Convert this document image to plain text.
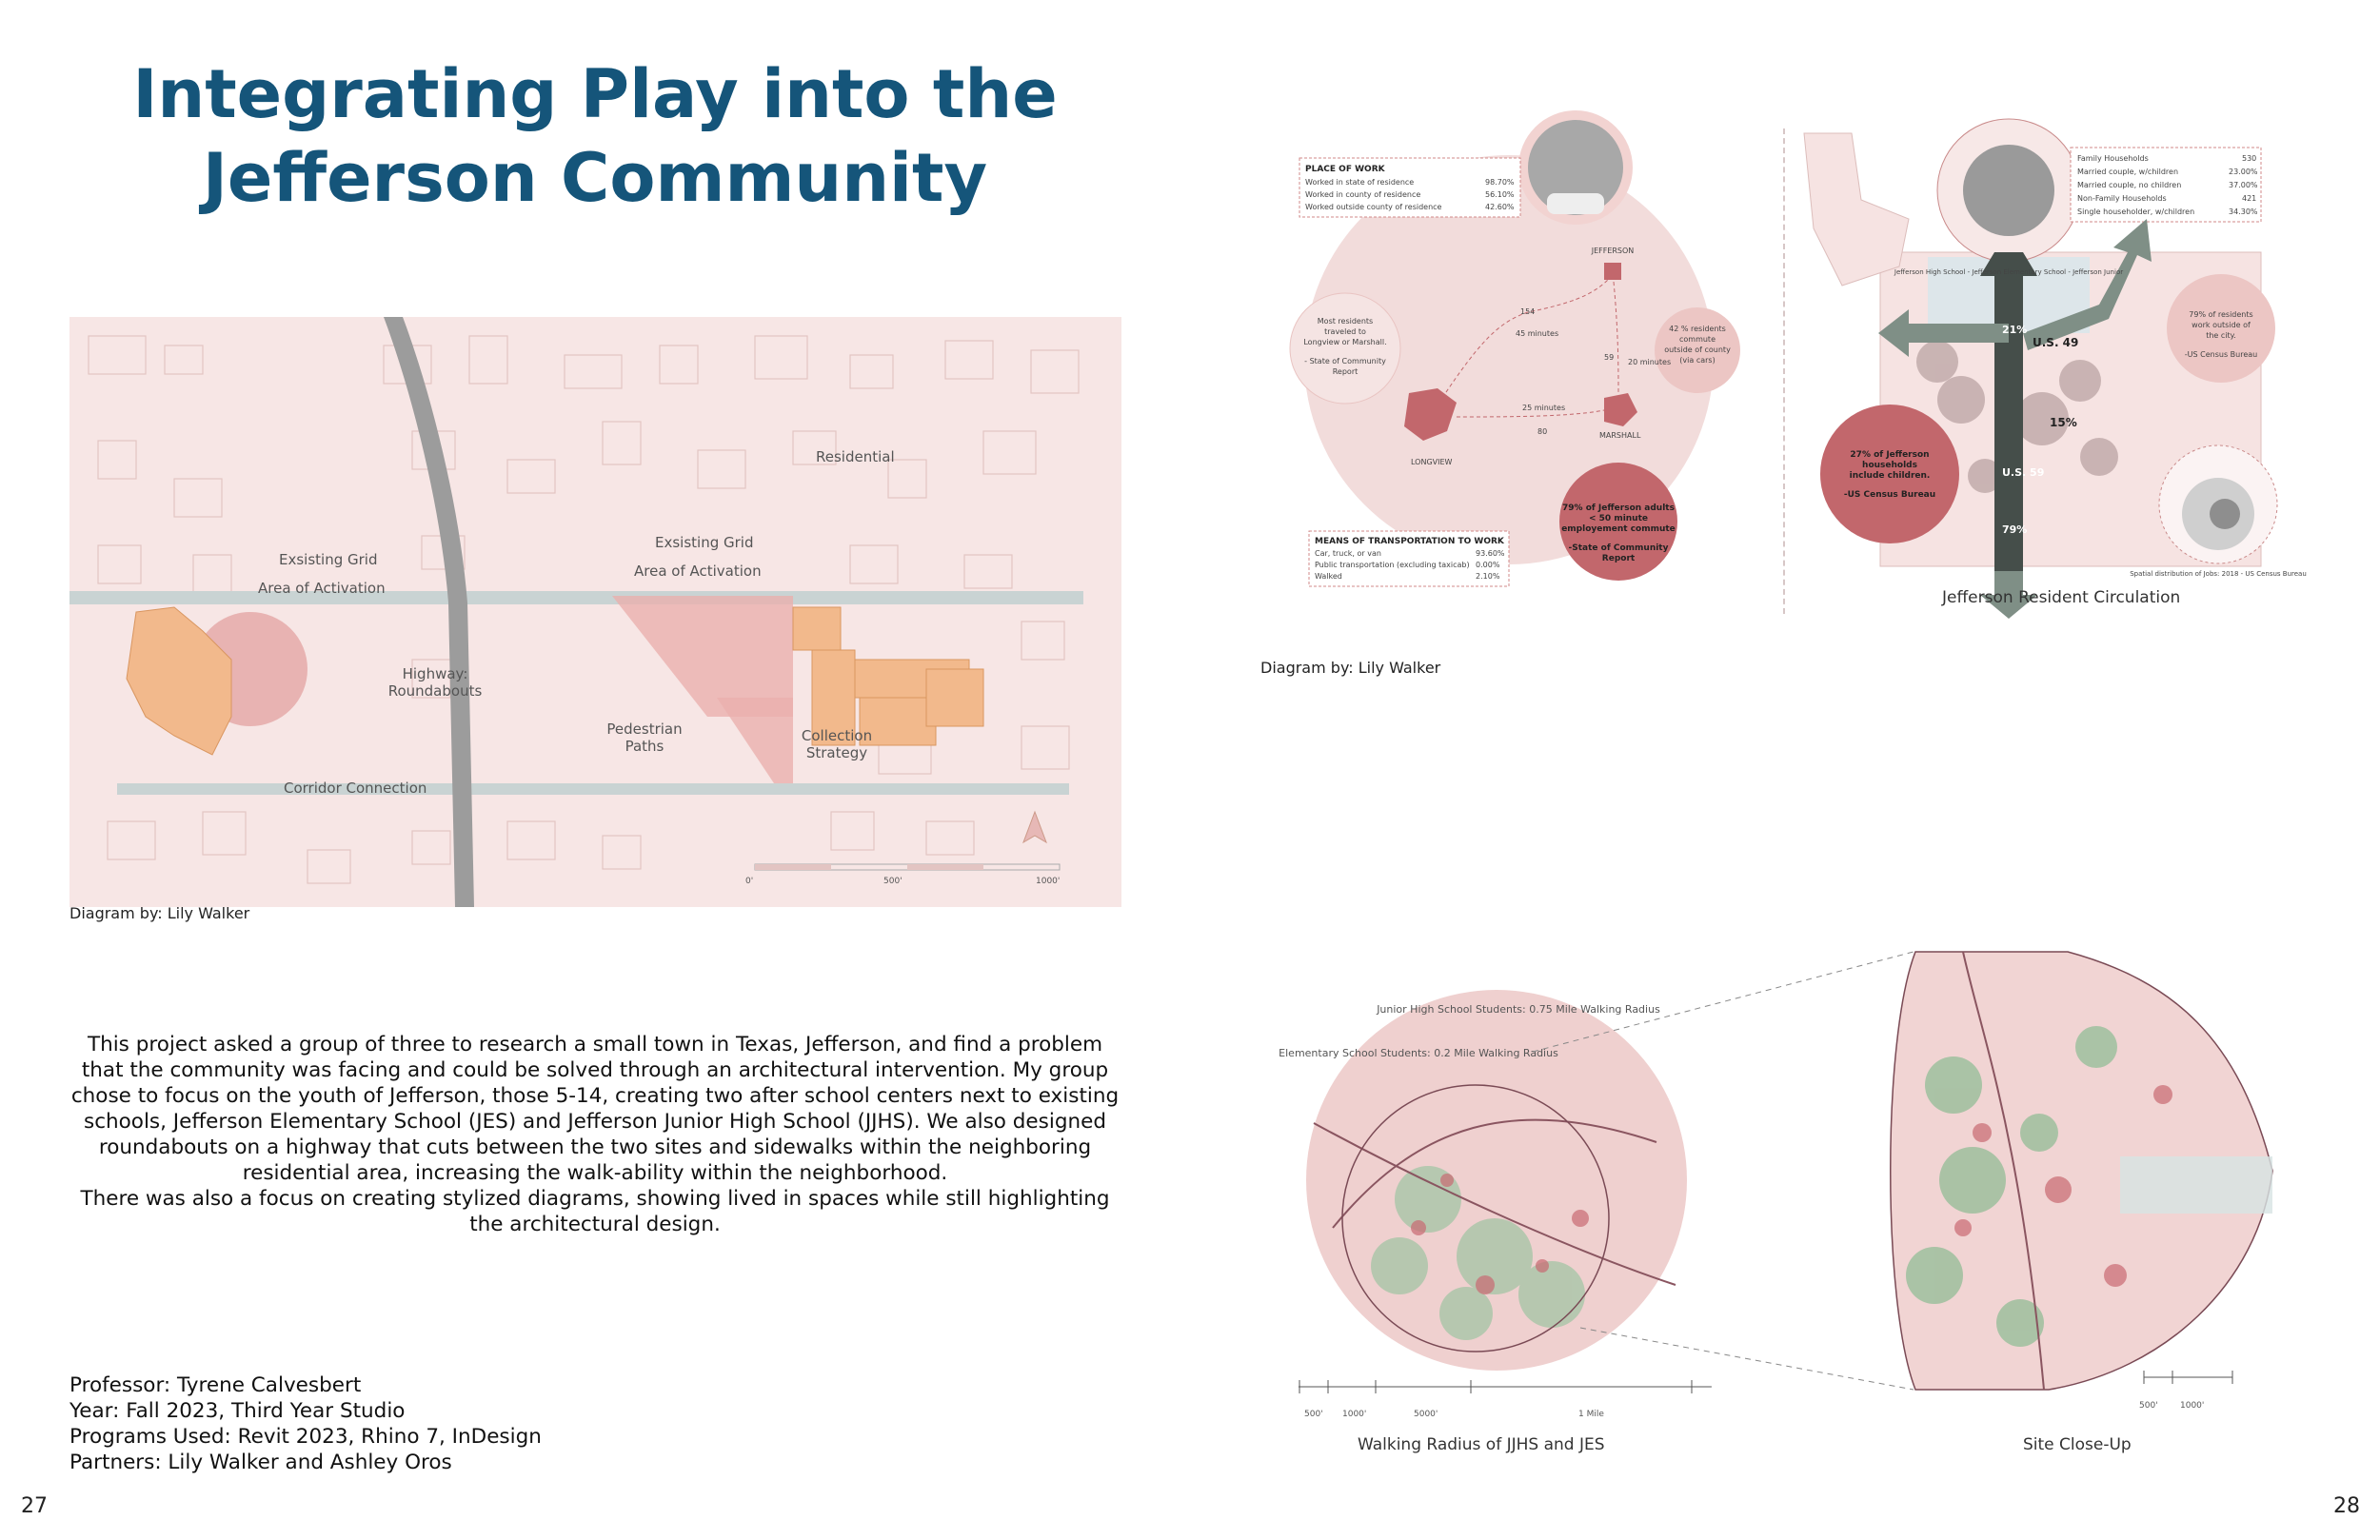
Integrating Play into the
Jefferson Community
Residential
Exsisting Grid
Area of Activation
Exsisting Grid
Area of Activation
Highway:
Roundabouts
Pedestrian
Paths
Collection
Strategy
Corridor Connection
0'	500'	1000'
Diagram by: Lily Walker
PLACE OF WORK
Worked in state of residence	98.70%
Worked in county of residence	56.10%
Worked outside county of residence	42.60%
Most residents
traveled to
Longview or Marshall.
- State of Community
Report
42 % residents
commute
outside of county
(via cars)
79% of Jefferson adults
< 50 minute
employement commute
-State of Community
Report
JEFFERSON
LONGVIEW
MARSHALL
154
45 minutes
25 minutes
80
59
20 minutes
MEANS OF TRANSPORTATION TO WORK
Car, truck, or van	93.60%
Public transportation (excluding taxicab) 0.00%
Walked	2.10%
Diagram by: Lily Walker
Family Households	530
Married couple, w/children	23.00%
Married couple, no children	37.00%
Non-Family Households	421
Single householder, w/children	34.30%
U.S. 49
21%
15%
U.S. 59
79%
79% of residents
work outside of
the city.
-US Census Bureau
27% of Jefferson
households
include children.
-US Census Bureau
Jefferson High School - Jefferson Elementary School - Jefferson Junior
Spatial distribution of Jobs: 2018 - US Census Bureau
Jefferson Resident Circulation
Junior High School Students: 0.75 Mile Walking Radius
Elementary School Students: 0.2 Mile Walking Radius
500' 1000'	5000'	1 Mile
Walking Radius of JJHS and JES
500'	1000'
Site Close-Up

This project asked a group of three to research a small town in Texas, Jefferson, and find a problem

that the community was facing and could be solved through an architectural intervention. My group

chose to focus on the youth of Jefferson, those 5-14, creating two after school centers next to existing

schools, Jefferson Elementary School (JES) and Jefferson Junior High School (JJHS). We also designed

roundabouts on a highway that cuts between the two sites and sidewalks within the neighboring

residential area, increasing the walk-ability within the neighborhood.

There was also a focus on creating stylized diagrams, showing lived in spaces while still highlighting

the architectural design.

Professor: Tyrene Calvesbert
Year: Fall 2023, Third Year Studio
Programs Used: Revit 2023, Rhino 7, InDesign
Partners: Lily Walker and Ashley Oros
27	28
